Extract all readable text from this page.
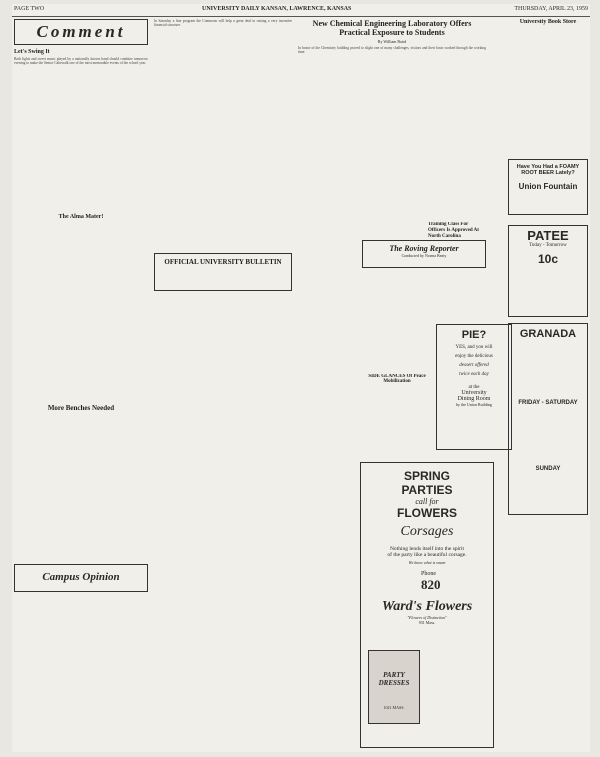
PAGE TWO	UNIVERSITY DAILY KANSAN, LAWRENCE, KANSAS	THURSDAY, APRIL 23, 1959
Comment
Let's Swing It
Both lights and sweet music played by a nationally known band should combine tomorrow evening to make the Senior Cakewalk one of the most memorable events of the school year.
The Alma Mater!
More Benches Needed
Campus Opinion
In Saturday a fine program the Commons will help a great deal in raising a very incentive financial structure.
OFFICIAL UNIVERSITY BULLETIN
New Chemical Engineering Laboratory Offers Practical Exposure to Students
By William Baird
In honor of the Chemistry building proved to slight one of many challenges, visitors and their hosts worked through the working time.
The Roving Reporter
Conducted by Norma Beaty
Training Class For Officers Is Approved At North Carolina
SIDE GLANCES Of Peace Mobilization
PIE?
YES, and you will
enjoy the delicious
dessert offered
twice each day
at the
University
Dining Room
by the Union Building
SPRING
PARTIES
call for
FLOWERS
Corsages
Nothing lends itself into the spirit
of the party like a beautiful corsage.
We know what is smart
Phone
820
Ward's Flowers
"Flowers of Distinction"
931 Mass.
PARTY DRESSES
1021 MASS.
University Book Store
Have You Had a FOAMY ROOT BEER Lately?
Union Fountain
PATEE
Today - Tomorrow
10c
GRANADA
FRIDAY - SATURDAY
SUNDAY
